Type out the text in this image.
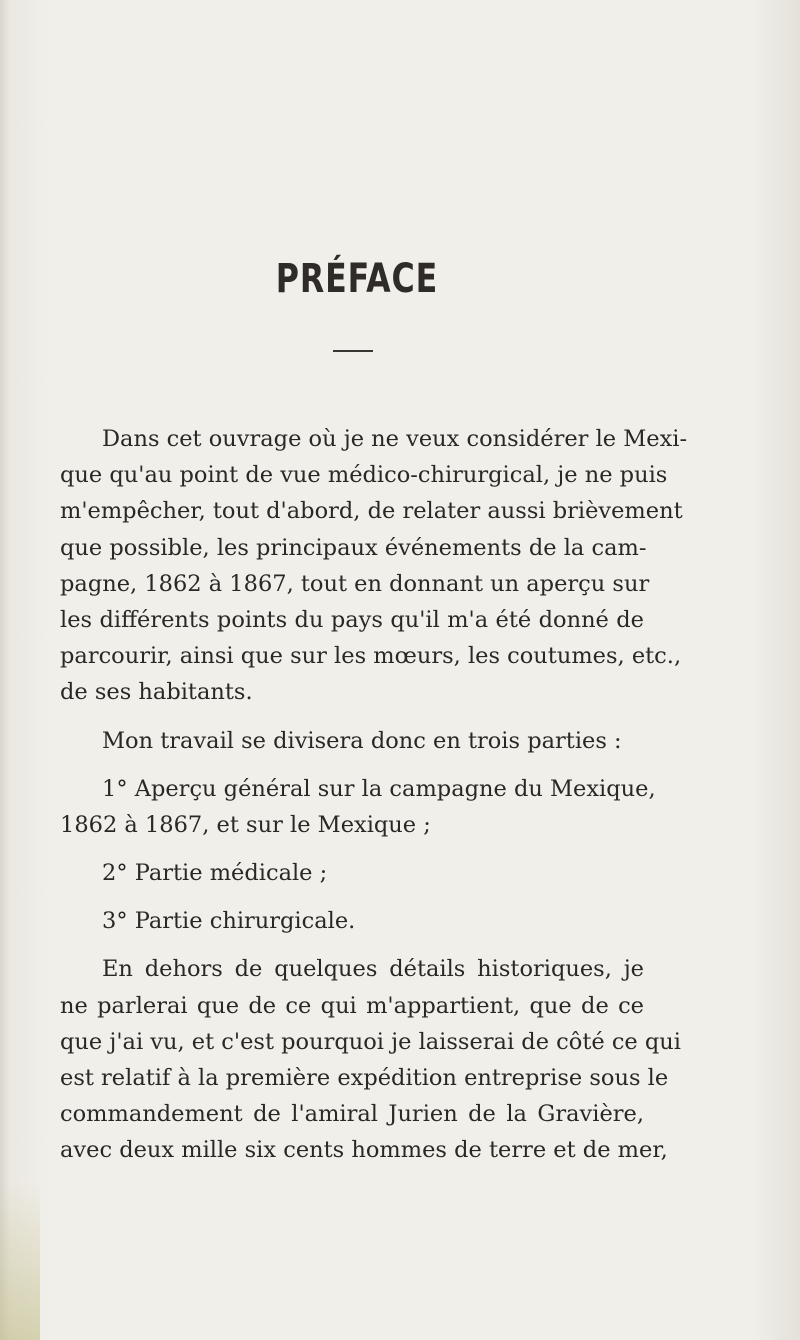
PRÉFACE
Dans cet ouvrage où je ne veux considérer le Mexi-
que qu'au point de vue médico-chirurgical, je ne puis
m'empêcher, tout d'abord, de relater aussi brièvement
que possible, les principaux événements de la cam-
pagne, 1862 à 1867, tout en donnant un aperçu sur
les différents points du pays qu'il m'a été donné de
parcourir, ainsi que sur les mœurs, les coutumes, etc.,
de ses habitants.
Mon travail se divisera donc en trois parties :
1° Aperçu général sur la campagne du Mexique,
1862 à 1867, et sur le Mexique ;
2° Partie médicale ;
3° Partie chirurgicale.
En dehors de quelques détails historiques, je
ne parlerai que de ce qui m'appartient, que de ce
que j'ai vu, et c'est pourquoi je laisserai de côté ce qui
est relatif à la première expédition entreprise sous le
commandement de l'amiral Jurien de la Gravière,
avec deux mille six cents hommes de terre et de mer,
